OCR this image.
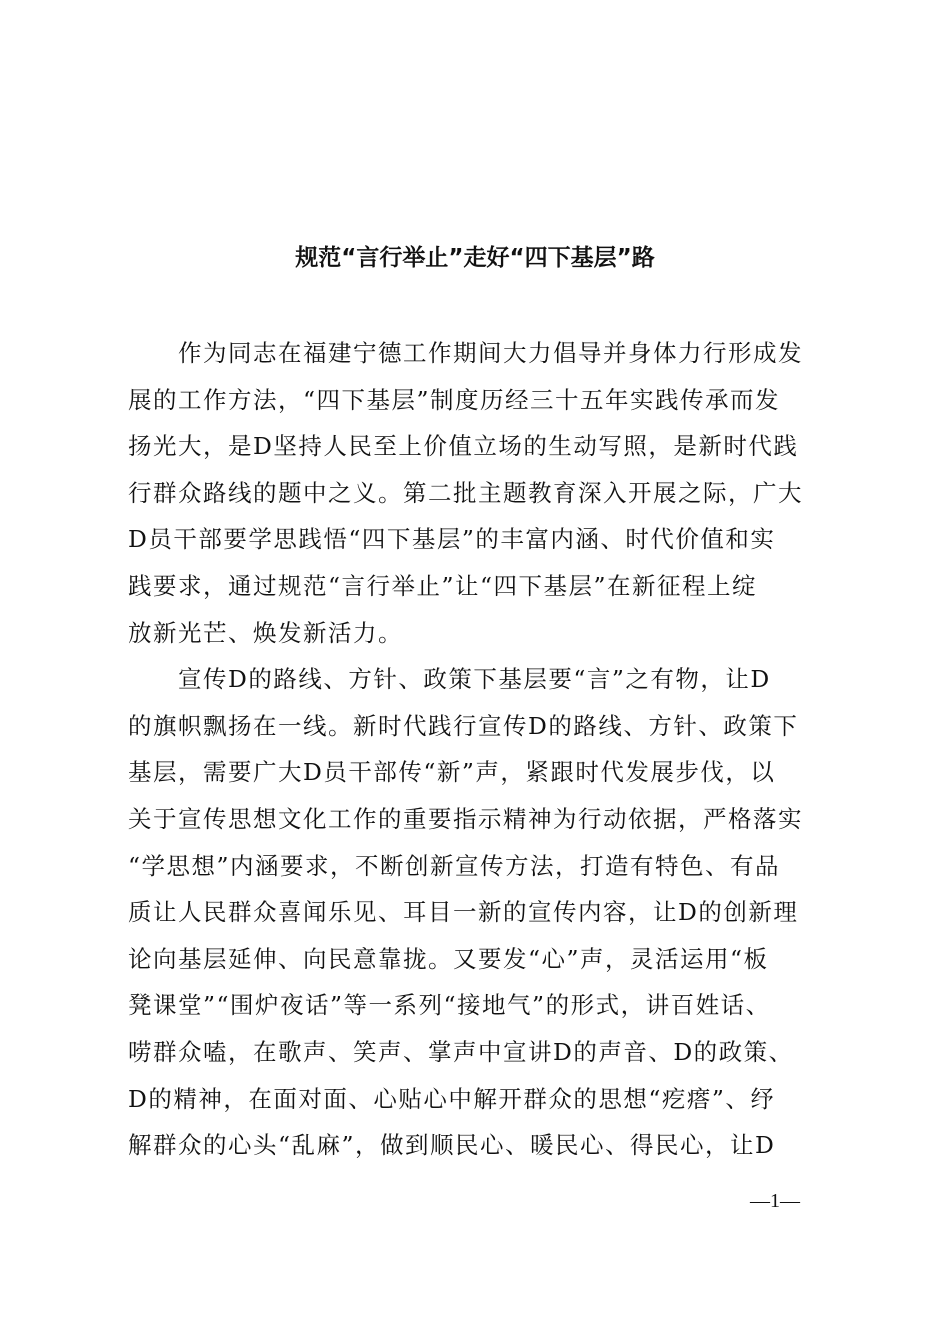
规范“言行举止”走好“四下基层”路
　　作为同志在福建宁德工作期间大力倡导并身体力行形成发
展的工作方法，“四下基层”制度历经三十五年实践传承而发
扬光大，是D坚持人民至上价值立场的生动写照，是新时代践
行群众路线的题中之义。第二批主题教育深入开展之际，广大
D员干部要学思践悟“四下基层”的丰富内涵、时代价值和实
践要求，通过规范“言行举止”让“四下基层”在新征程上绽
放新光芒、焕发新活力。
　　宣传D的路线、方针、政策下基层要“言”之有物，让D
的旗帜飘扬在一线。新时代践行宣传D的路线、方针、政策下
基层，需要广大D员干部传“新”声，紧跟时代发展步伐，以
关于宣传思想文化工作的重要指示精神为行动依据，严格落实
“学思想”内涵要求，不断创新宣传方法，打造有特色、有品
质让人民群众喜闻乐见、耳目一新的宣传内容，让D的创新理
论向基层延伸、向民意靠拢。又要发“心”声，灵活运用“板
凳课堂”“围炉夜话”等一系列“接地气”的形式，讲百姓话、
唠群众嗑，在歌声、笑声、掌声中宣讲D的声音、D的政策、
D的精神，在面对面、心贴心中解开群众的思想“疙瘩”、纾
解群众的心头“乱麻”，做到顺民心、暖民心、得民心，让D
—1—
